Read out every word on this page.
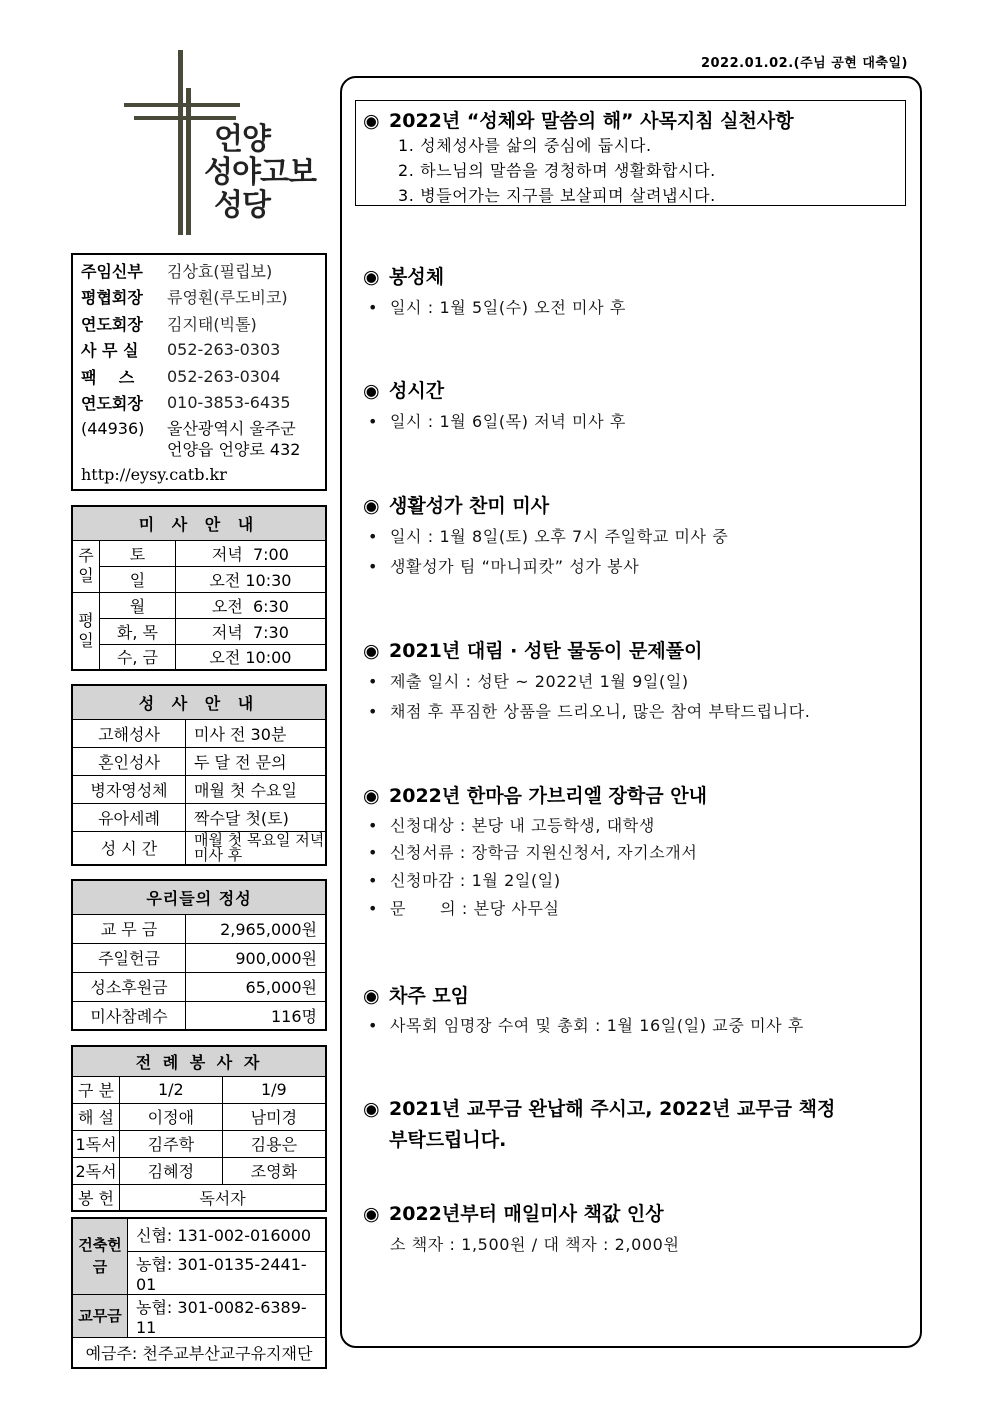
2022.01.02.(주님 공현 대축일)
언양
성야고보
성당
주임신부	김상효(필립보)
평협회장	류영훤(루도비코)
연도회장	김지태(빅톨)
사 무 실	052-263-0303
팩    스	052-263-0304
연도회장	010-3853-6435
(44936)	울산광역시 울주군
언양읍 언양로 432
http://eysy.catb.kr
미 사 안 내		
주일	토	저녁  7:00
	일	오전 10:30
평일	월	오전  6:30
	화, 목	저녁  7:30
	수, 금	오전 10:00
성 사 안 내	
고해성사	미사 전 30분
혼인성사	두 달 전 문의
병자영성체	매월 첫 수요일
유아세례	짝수달 첫(토)
성 시 간	매월 첫 목요일 저녁미사 후
우리들의 정성	
교 무 금	2,965,000원
주일헌금	900,000원
성소후원금	65,000원
미사참례수	116명
전 례 봉 사 자		
구 분	1/2	1/9
해 설	이정애	남미경
1독서	김주학	김용은
2독서	김혜정	조영화
봉 헌	독서자	
건축헌금	신협: 131-002-016000
	농협: 301-0135-2441-01
교무금	농협: 301-0082-6389-11
예금주: 천주교부산교구유지재단	
◉ 2022년 “성체와 말씀의 해” 사목지침 실천사항
1. 성체성사를 삶의 중심에 둡시다.
2. 하느님의 말씀을 경청하며 생활화합시다.
3. 병들어가는 지구를 보살피며 살려냅시다.
◉ 봉성체
• 일시 : 1월 5일(수) 오전 미사 후
◉ 성시간
• 일시 : 1월 6일(목) 저녁 미사 후
◉ 생활성가 찬미 미사
• 일시 : 1월 8일(토) 오후 7시 주일학교 미사 중
• 생활성가 팀 “마니피캇” 성가 봉사
◉ 2021년 대림 · 성탄 물동이 문제풀이
• 제출 일시 : 성탄 ~ 2022년 1월 9일(일)
• 채점 후 푸짐한 상품을 드리오니, 많은 참여 부탁드립니다.
◉ 2022년 한마음 가브리엘 장학금 안내
• 신청대상 : 본당 내 고등학생, 대학생
• 신청서류 : 장학금 지원신청서, 자기소개서
• 신청마감 : 1월 2일(일)
• 문      의 : 본당 사무실
◉ 차주 모임
• 사목회 임명장 수여 및 총회 : 1월 16일(일) 교중 미사 후
◉ 2021년 교무금 완납해 주시고, 2022년 교무금 책정
부탁드립니다.
◉ 2022년부터 매일미사 책값 인상
소 책자 : 1,500원 / 대 책자 : 2,000원
